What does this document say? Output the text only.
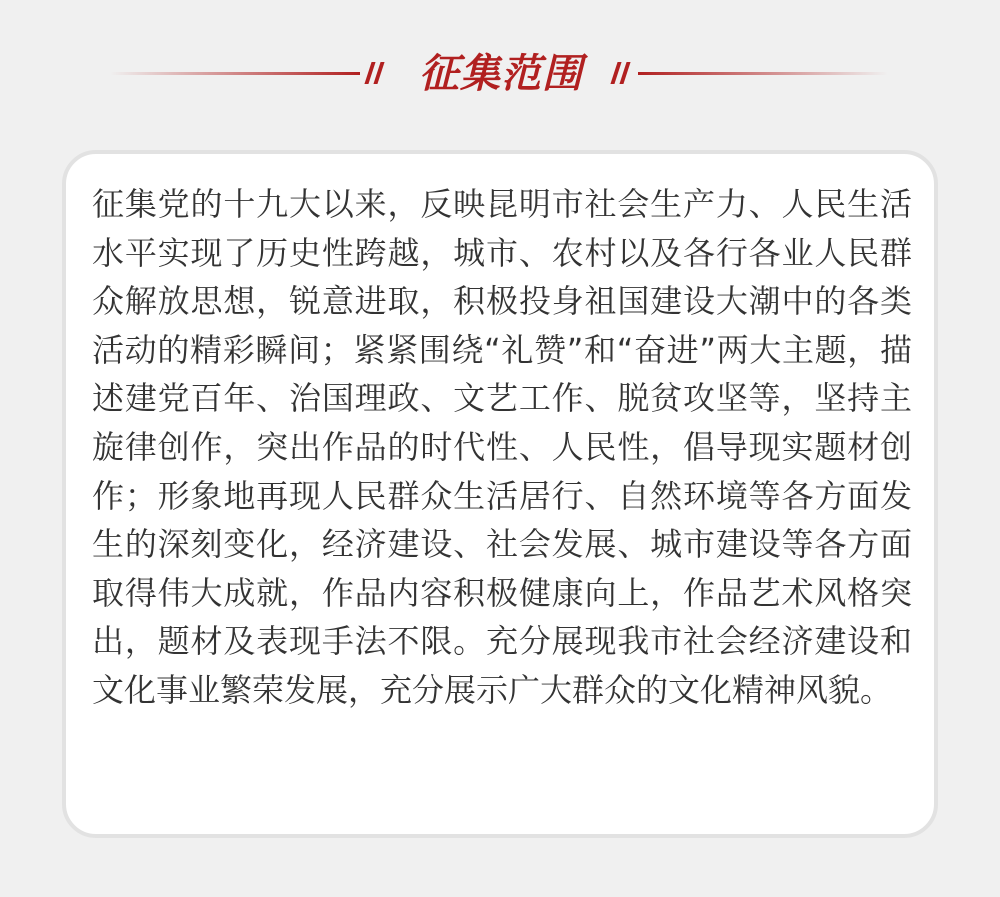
征集范围

征集党的十九大以来，反映昆明市社会生产力、人民生活水平实现了历史性跨越，城市、农村以及各行各业人民群众解放思想，锐意进取，积极投身祖国建设大潮中的各类活动的精彩瞬间；紧紧围绕“礼赞”和“奋进”两大主题，描述建党百年、治国理政、文艺工作、脱贫攻坚等，坚持主旋律创作，突出作品的时代性、人民性，倡导现实题材创作；形象地再现人民群众生活居行、自然环境等各方面发生的深刻变化，经济建设、社会发展、城市建设等各方面取得伟大成就，作品内容积极健康向上，作品艺术风格突出，题材及表现手法不限。充分展现我市社会经济建设和文化事业繁荣发展，充分展示广大群众的文化精神风貌。
